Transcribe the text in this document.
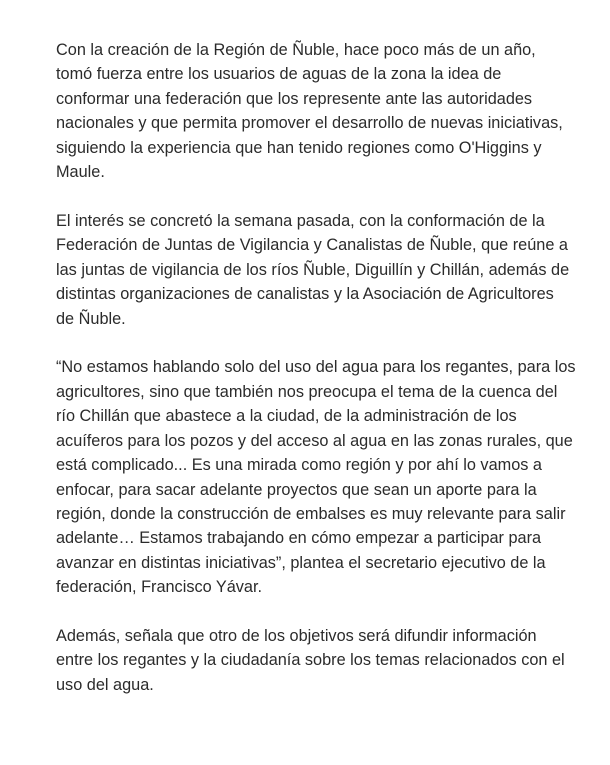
Con la creación de la Región de Ñuble, hace poco más de un año, tomó fuerza entre los usuarios de aguas de la zona la idea de conformar una federación que los represente ante las autoridades nacionales y que permita promover el desarrollo de nuevas iniciativas, siguiendo la experiencia que han tenido regiones como O'Higgins y Maule.

El interés se concretó la semana pasada, con la conformación de la Federación de Juntas de Vigilancia y Canalistas de Ñuble, que reúne a las juntas de vigilancia de los ríos Ñuble, Diguillín y Chillán, además de distintas organizaciones de canalistas y la Asociación de Agricultores de Ñuble.

“No estamos hablando solo del uso del agua para los regantes, para los agricultores, sino que también nos preocupa el tema de la cuenca del río Chillán que abastece a la ciudad, de la administración de los acuíferos para los pozos y del acceso al agua en las zonas rurales, que está complicado... Es una mirada como región y por ahí lo vamos a enfocar, para sacar adelante proyectos que sean un aporte para la región, donde la construcción de embalses es muy relevante para salir adelante… Estamos trabajando en cómo empezar a participar para avanzar en distintas iniciativas”, plantea el secretario ejecutivo de la federación, Francisco Yávar.

Además, señala que otro de los objetivos será difundir información entre los regantes y la ciudadanía sobre los temas relacionados con el uso del agua.
